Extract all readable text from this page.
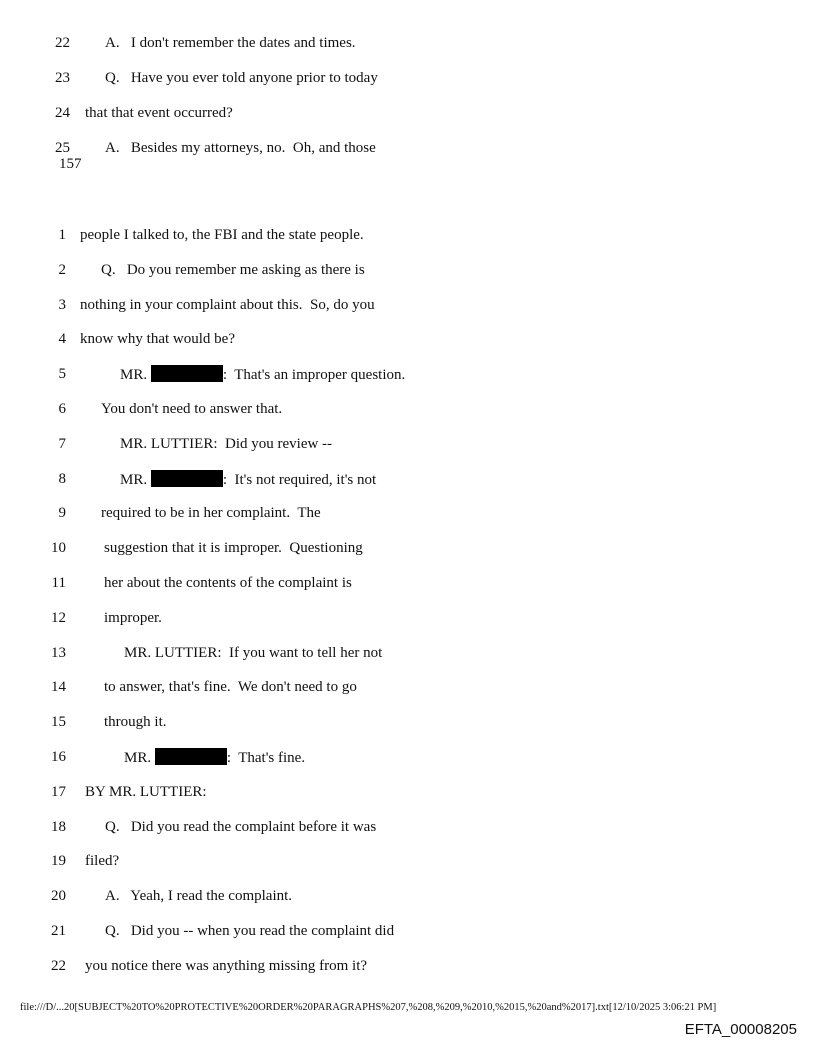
22 A.   I don't remember the dates and times.
23 Q.   Have you ever told anyone prior to today
24 that that event occurred?
25 A.   Besides my attorneys, no.  Oh, and those
157
1 people I talked to, the FBI and the state people.
2 Q.   Do you remember me asking as there is
3 nothing in your complaint about this.  So, do you
4 know why that would be?
5	MR.	:  That's an improper question.
6 You don't need to answer that.
7	MR. LUTTIER:  Did you review --
8	MR.	:  It's not required, it's not
9 required to be in her complaint.  The
10	suggestion that it is improper.  Questioning
11	her about the contents of the complaint is
12	improper.
13	MR. LUTTIER:  If you want to tell her not
14	to answer, that's fine.  We don't need to go
15	through it.
16	MR.	:  That's fine.
17 BY MR. LUTTIER:
18	Q.   Did you read the complaint before it was
19 filed?
20	A.   Yeah, I read the complaint.
21	Q.   Did you -- when you read the complaint did
22 you notice there was anything missing from it?
file:///D/...20[SUBJECT%20TO%20PROTECTIVE%20ORDER%20PARAGRAPHS%207,%208,%209,%2010,%2015,%20and%2017].txt[12/10/2025 3:06:21 PM]
EFTA_00008205
